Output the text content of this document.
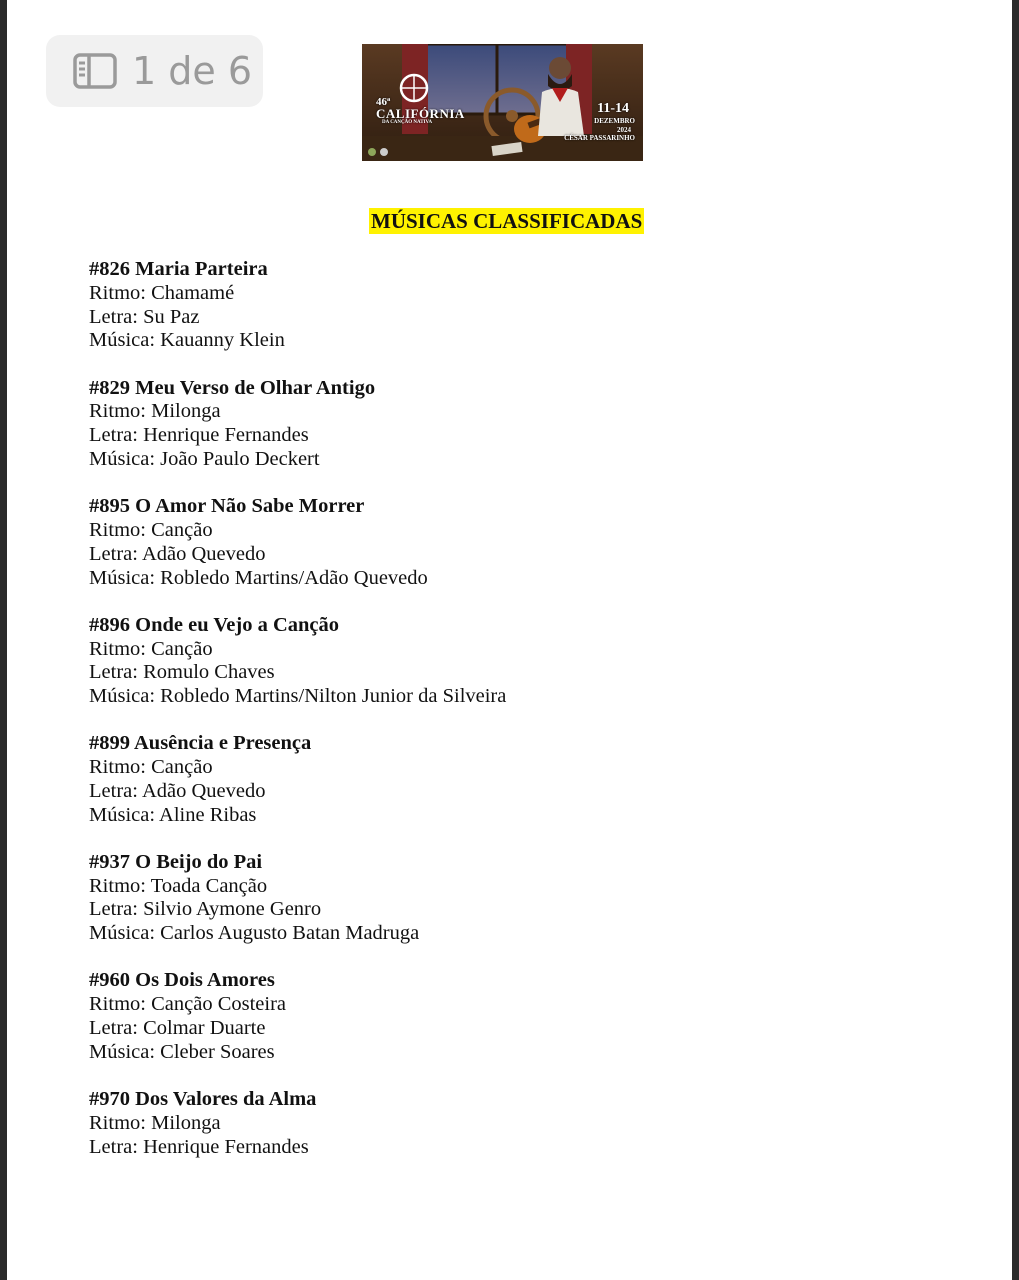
1 de 6
46ª
CALIFÓRNIA
DA CANÇÃO NATIVA
11-14
DEZEMBRO
2024
CÉSAR PASSARINHO
MÚSICAS CLASSIFICADAS
#826 Maria Parteira
Ritmo: Chamamé
Letra: Su Paz
Música: Kauanny Klein
#829 Meu Verso de Olhar Antigo
Ritmo: Milonga
Letra: Henrique Fernandes
Música: João Paulo Deckert
#895 O Amor Não Sabe Morrer
Ritmo: Canção
Letra: Adão Quevedo
Música: Robledo Martins/Adão Quevedo
#896 Onde eu Vejo a Canção
Ritmo: Canção
Letra: Romulo Chaves
Música: Robledo Martins/Nilton Junior da Silveira
#899 Ausência e Presença
Ritmo: Canção
Letra: Adão Quevedo
Música: Aline Ribas
#937 O Beijo do Pai
Ritmo: Toada Canção
Letra: Silvio Aymone Genro
Música: Carlos Augusto Batan Madruga
#960 Os Dois Amores
Ritmo: Canção Costeira
Letra: Colmar Duarte
Música: Cleber Soares
#970 Dos Valores da Alma
Ritmo: Milonga
Letra: Henrique Fernandes
